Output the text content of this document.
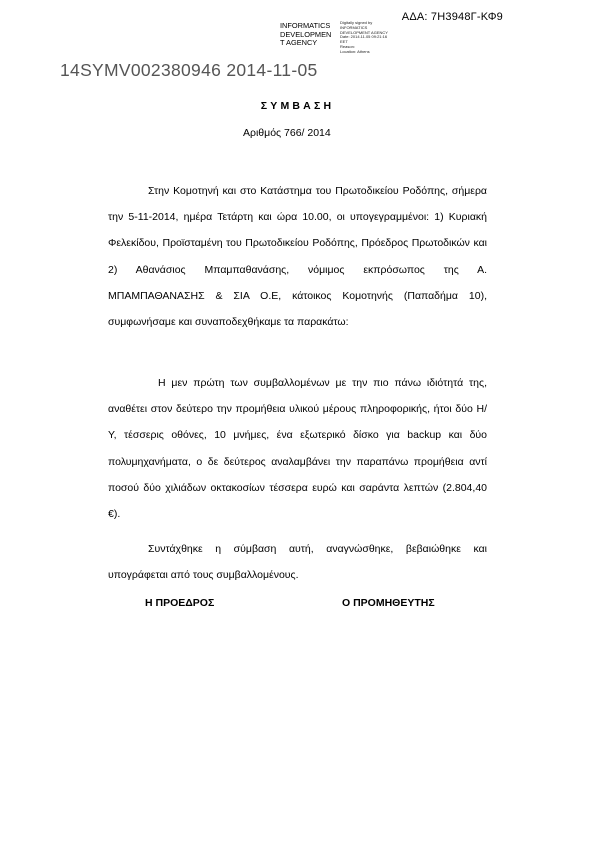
ΑΔΑ: 7Η3948Γ-ΚΦ9
INFORMATICS
DEVELOPMEN
T AGENCY
Digitally signed by
INFORMATICS
DEVELOPMENT AGENCY
Date: 2014.11.05 09:21:16
EET
Reason:
Location: Athens
14SYMV002380946 2014-11-05
ΣΥΜΒΑΣΗ
Αριθμός 766/ 2014

Στην Κομοτηνή και στο Κατάστημα του Πρωτοδικείου Ροδόπης, σήμερα την 5-11-2014, ημέρα Τετάρτη και ώρα 10.00, οι υπογεγραμμένοι: 1) Κυριακή Φελεκίδου, Προϊσταμένη του Πρωτοδικείου Ροδόπης, Πρόεδρος Πρωτοδικών και 2) Αθανάσιος Μπαμπαθανάσης, νόμιμος εκπρόσωπος της Α. ΜΠΑΜΠΑΘΑΝΑΣΗΣ & ΣΙΑ Ο.Ε, κάτοικος Κομοτηνής (Παπαδήμα 10), συμφωνήσαμε και συναποδεχθήκαμε τα παρακάτω:

Η μεν πρώτη των συμβαλλομένων με την πιο πάνω ιδιότητά της, αναθέτει στον δεύτερο την προμήθεια υλικού μέρους πληροφορικής, ήτοι δύο Η/Υ, τέσσερις οθόνες, 10 μνήμες, ένα εξωτερικό δίσκο για backup και δύο πολυμηχανήματα, ο δε δεύτερος αναλαμβάνει την παραπάνω προμήθεια αντί ποσού δύο χιλιάδων οκτακοσίων τέσσερα ευρώ και σαράντα λεπτών (2.804,40 €).

Συντάχθηκε η σύμβαση αυτή, αναγνώσθηκε, βεβαιώθηκε και υπογράφεται από τους συμβαλλομένους.

Η ΠΡΟΕΔΡΟΣ	Ο ΠΡΟΜΗΘΕΥΤΗΣ
